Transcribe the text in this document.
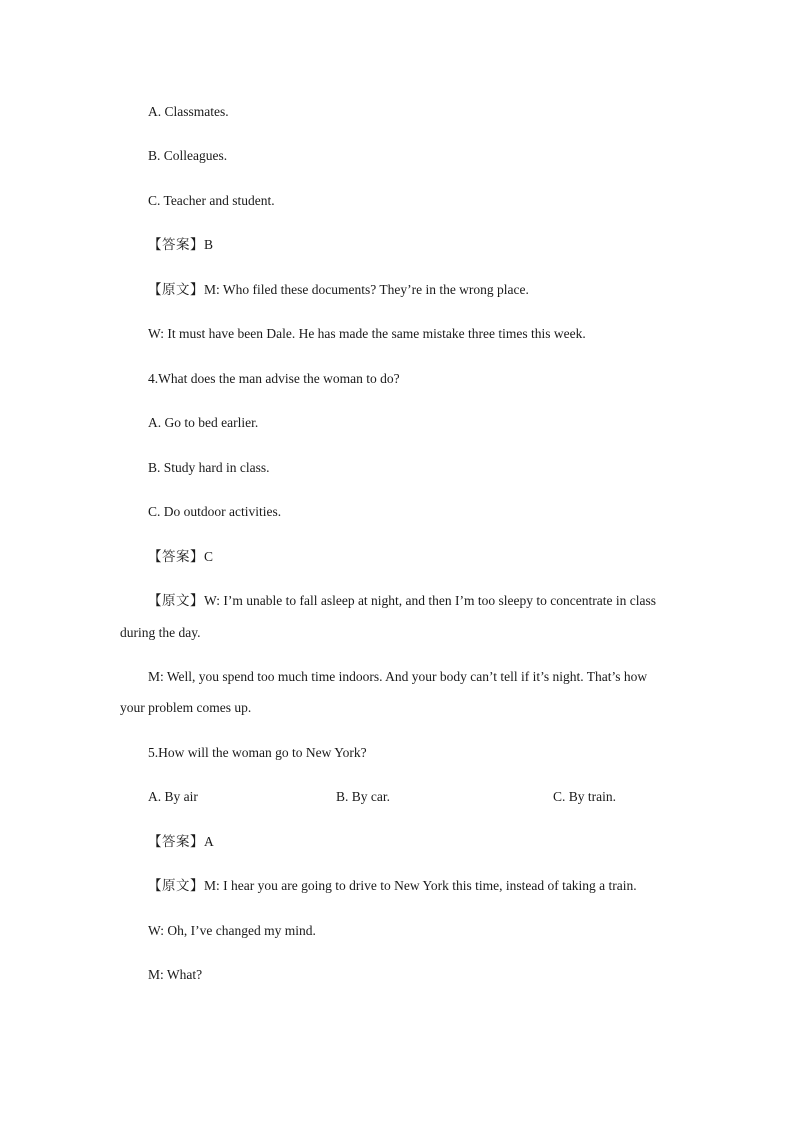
A. Classmates.
B. Colleagues.
C. Teacher and student.
【答案】B
【原文】M: Who filed these documents? They’re in the wrong place.
W: It must have been Dale. He has made the same mistake three times this week.
4.What does the man advise the woman to do?
A. Go to bed earlier.
B. Study hard in class.
C. Do outdoor activities.
【答案】C
【原文】W: I’m unable to fall asleep at night, and then I’m too sleepy to concentrate in class
during the day.
M: Well, you spend too much time indoors. And your body can’t tell if it’s night. That’s how
your problem comes up.
5.How will the woman go to New York?
A. By air	B. By car.	C. By train.
【答案】A
【原文】M: I hear you are going to drive to New York this time, instead of taking a train.
W: Oh, I’ve changed my mind.
M: What?
